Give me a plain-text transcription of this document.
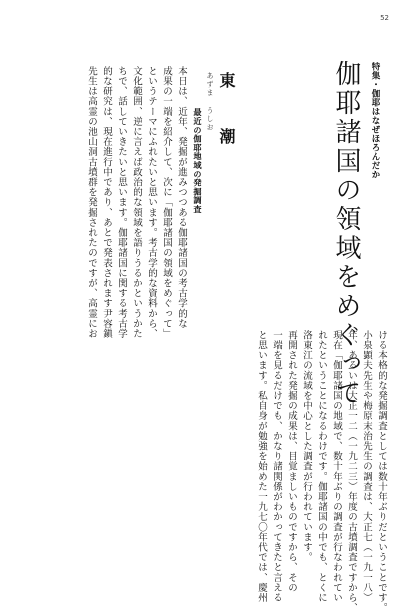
52
特集・伽耶はなぜほろんだか
伽耶諸国の領域をめぐって
あずま うしお 東　潮
最近の伽耶地域の発掘調査
本日は、近年、発掘が進みつつある伽耶諸国の考古学的な
成果の一端を紹介して、次に「伽耶諸国の領域をめぐって」
というテーマにふれたいと思います。考古学的な資料から、
文化範囲、逆に言えば政治的な領域を語りうるかというかた
ちで、話していきたいと思います。伽耶諸国に関する考古学
的な研究は、現在進行中であり、あとで発表されます尹容鎭
先生は高霊の池山洞古墳群を発掘されたのですが、高霊にお
ける本格的な発掘調査としては数十年ぶりだということです。
小泉顕夫先生や梅原末治先生の調査は、大正七（一九一八）
年、あるいは大正一二（一九二三）年度の古墳調査ですから、
現在「伽耶諸国の地域で、数十年ぶりの調査が行なわれてい
れたということになるわけです。伽耶諸国の中でも、とくに
洛東江の流域を中心とした調査が行われています。
再開された発掘の成果は、目覚ましいものですから、その
一端を見るだけでも、かなり諸関係がわかってきたと言える
と思います。私自身が勉強を始めた一九七〇年代では、慶州
